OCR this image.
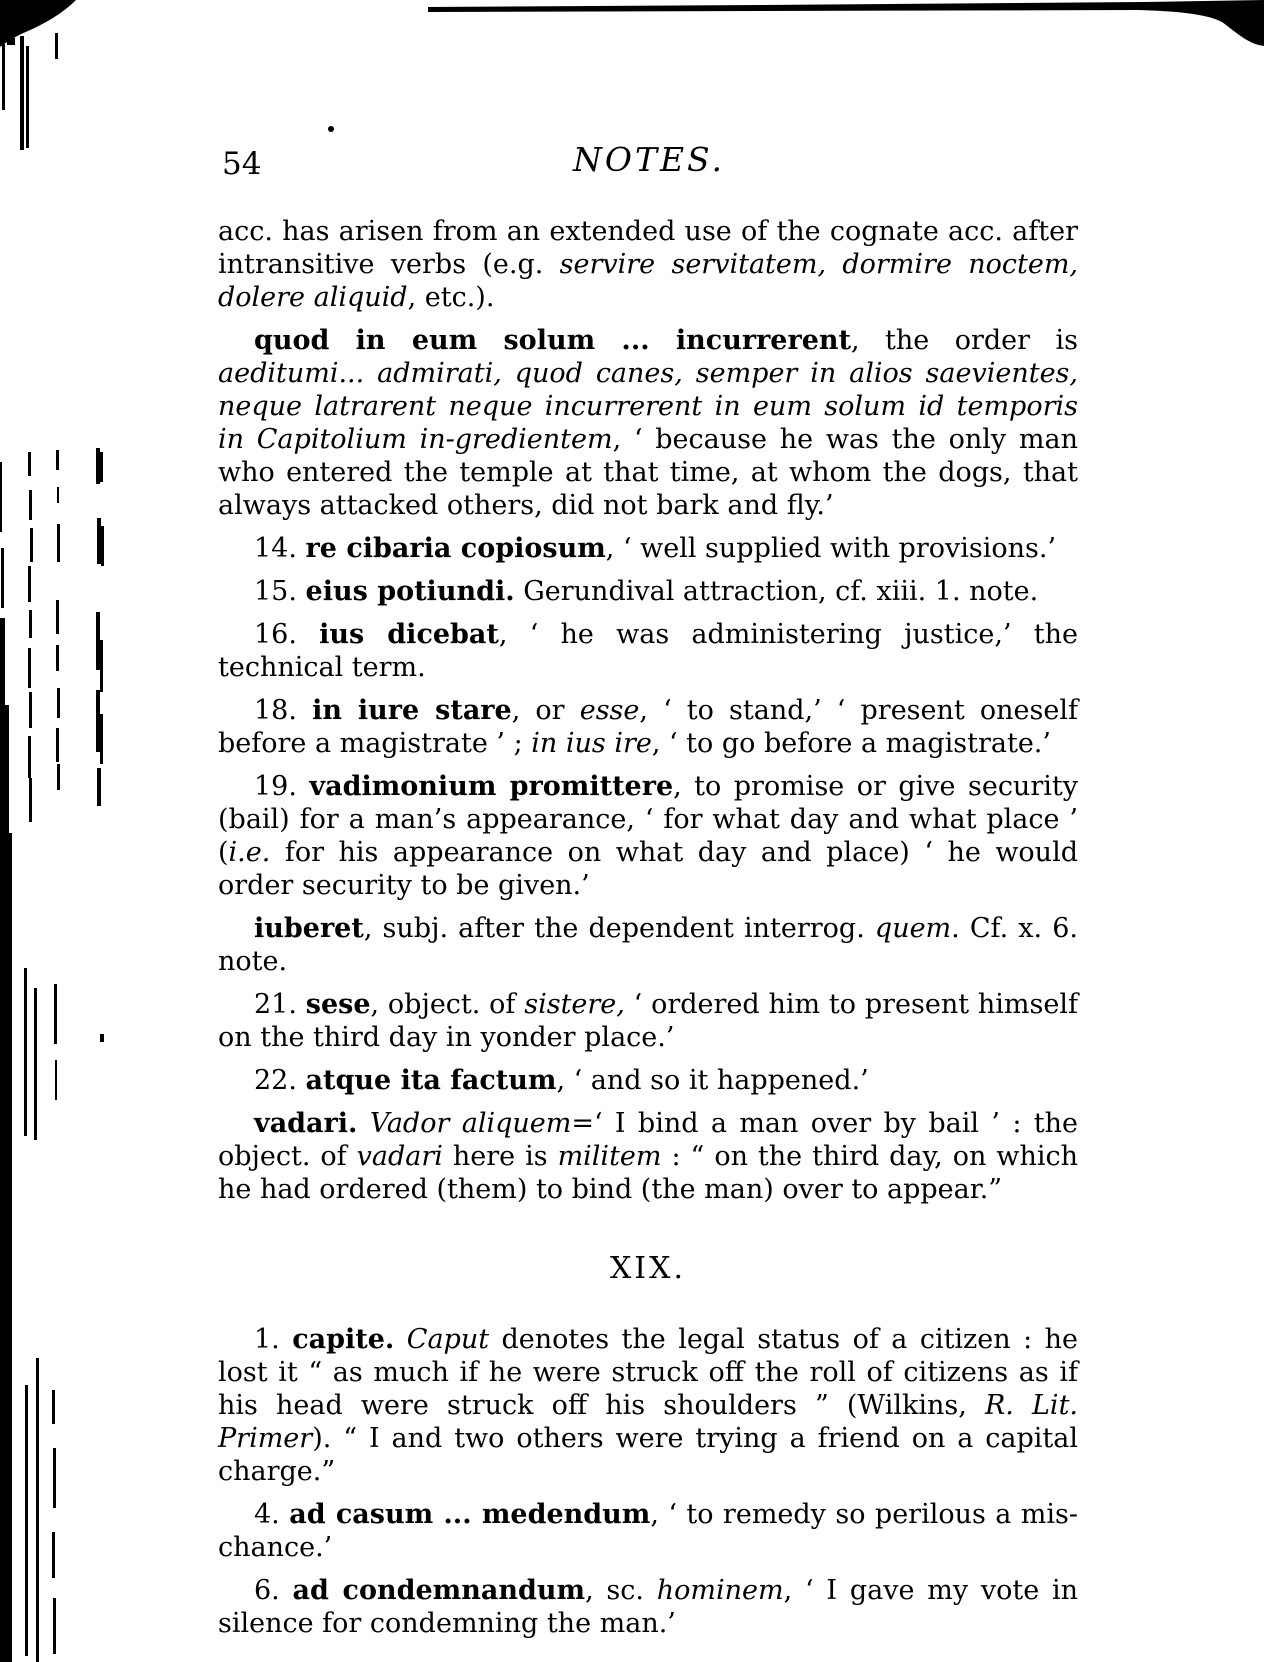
54	NOTES.

acc. has arisen from an extended use of the cognate acc. after intransitive verbs (e.g. servire servitatem, dormire noctem, dolere aliquid, etc.).

quod in eum solum ... incurrerent, the order is aeditumi... admirati, quod canes, semper in alios saevientes, neque latrarent neque incurrerent in eum solum id temporis in Capitolium in-gredientem, ‘ because he was the only man who entered the temple at that time, at whom the dogs, that always attacked others, did not bark and fly.’

14. re cibaria copiosum, ‘ well supplied with provisions.’

15. eius potiundi. Gerundival attraction, cf. xiii. 1. note.

16. ius dicebat, ‘ he was administering justice,’ the technical term.

18. in iure stare, or esse, ‘ to stand,’ ‘ present oneself before a magistrate ’ ; in ius ire, ‘ to go before a magistrate.’

19. vadimonium promittere, to promise or give security (bail) for a man’s appearance, ‘ for what day and what place ’ (i.e. for his appearance on what day and place) ‘ he would order security to be given.’

iuberet, subj. after the dependent interrog. quem. Cf. x. 6. note.

21. sese, object. of sistere, ‘ ordered him to present himself on the third day in yonder place.’

22. atque ita factum, ‘ and so it happened.’

vadari. Vador aliquem=‘ I bind a man over by bail ’ : the object. of vadari here is militem : “ on the third day, on which he had ordered (them) to bind (the man) over to appear.”

XIX.

1. capite. Caput denotes the legal status of a citizen : he lost it “ as much if he were struck off the roll of citizens as if his head were struck off his shoulders ” (Wilkins, R. Lit. Primer). “ I and two others were trying a friend on a capital charge.”

4. ad casum ... medendum, ‘ to remedy so perilous a mis-chance.’

6. ad condemnandum, sc. hominem, ‘ I gave my vote in silence for condemning the man.’
